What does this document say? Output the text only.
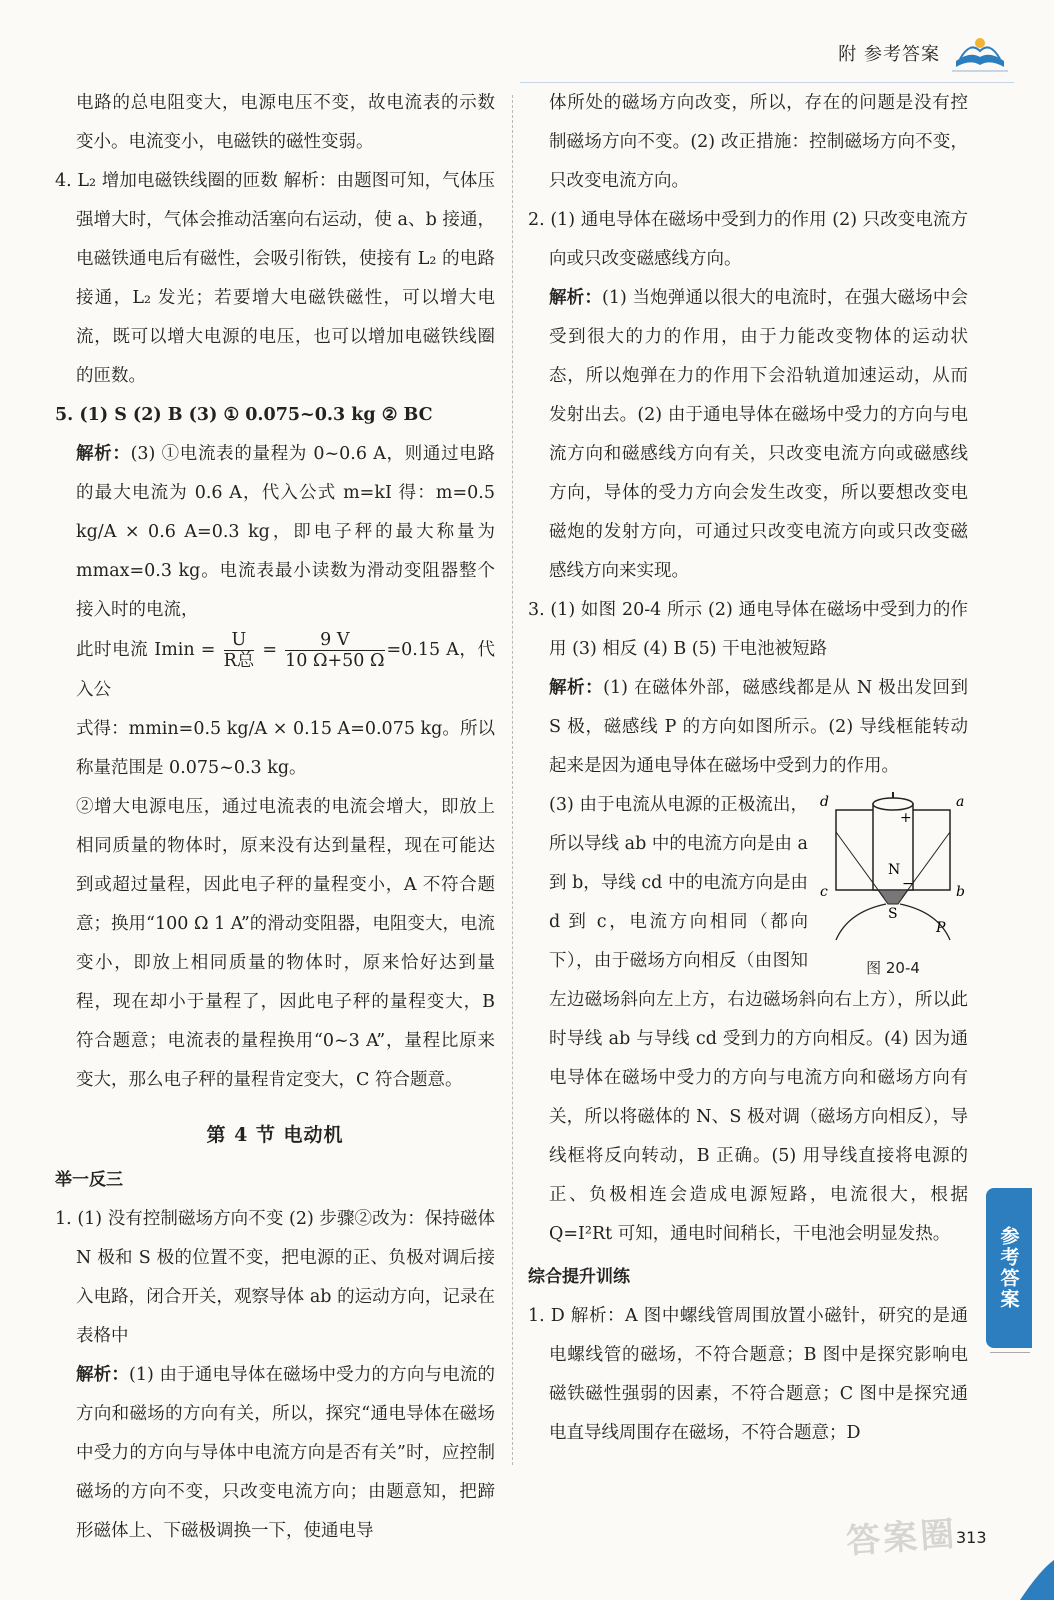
附 参考答案

电路的总电阻变大，电源电压不变，故电流表的示数变小。电流变小，电磁铁的磁性变弱。

4. L₂ 增加电磁铁线圈的匝数 解析：由题图可知，气体压强增大时，气体会推动活塞向右运动，使 a、b 接通，电磁铁通电后有磁性，会吸引衔铁，使接有 L₂ 的电路接通，L₂ 发光；若要增大电磁铁磁性，可以增大电流，既可以增大电源的电压，也可以增加电磁铁线圈的匝数。

5. (1) S (2) B (3) ① 0.075~0.3 kg ② BC

解析：(3) ①电流表的量程为 0~0.6 A，则通过电路的最大电流为 0.6 A，代入公式 m=kI 得：m=0.5 kg/A × 0.6 A=0.3 kg，即电子秤的最大称量为 mmax=0.3 kg。电流表最小读数为滑动变阻器整个接入时的电流，

此时电流 $Imin = \frac{U}{\text{R总}} = \frac{9 V}{10 \Omega+50 \Omega} =0.15$ A，代入公

式得：mmin=0.5 kg/A × 0.15 A=0.075 kg。所以称量范围是 0.075~0.3 kg。

②增大电源电压，通过电流表的电流会增大，即放上相同质量的物体时，原来没有达到量程，现在可能达到或超过量程，因此电子秤的量程变小，A 不符合题意；换用“100 Ω 1 A”的滑动变阻器，电阻变大，电流变小，即放上相同质量的物体时，原来恰好达到量程，现在却小于量程了，因此电子秤的量程变大，B 符合题意；电流表的量程换用“0~3 A”，量程比原来变大，那么电子秤的量程肯定变大，C 符合题意。

第 4 节 电动机

举一反三

1. (1) 没有控制磁场方向不变 (2) 步骤②改为：保持磁体 N 极和 S 极的位置不变，把电源的正、负极对调后接入电路，闭合开关，观察导体 ab 的运动方向，记录在表格中

解析：(1) 由于通电导体在磁场中受力的方向与电流的方向和磁场的方向有关，所以，探究“通电导体在磁场中受力的方向与导体中电流方向是否有关”时，应控制磁场的方向不变，只改变电流方向；由题意知，把蹄形磁体上、下磁极调换一下，使通电导

体所处的磁场方向改变，所以，存在的问题是没有控制磁场方向不变。(2) 改正措施：控制磁场方向不变，只改变电流方向。

2. (1) 通电导体在磁场中受到力的作用 (2) 只改变电流方向或只改变磁感线方向。

解析：(1) 当炮弹通以很大的电流时，在强大磁场中会受到很大的力的作用，由于力能改变物体的运动状态，所以炮弹在力的作用下会沿轨道加速运动，从而发射出去。(2) 由于通电导体在磁场中受力的方向与电流方向和磁感线方向有关，只改变电流方向或磁感线方向，导体的受力方向会发生改变，所以要想改变电磁炮的发射方向，可通过只改变电流方向或只改变磁感线方向来实现。

3. (1) 如图 20-4 所示 (2) 通电导体在磁场中受到力的作用 (3) 相反 (4) B (5) 干电池被短路

解析：(1) 在磁体外部，磁感线都是从 N 极出发回到 S 极，磁感线 P 的方向如图所示。(2) 导线框能转动起来是因为通电导体在磁场中受到力的作用。

d	a
c	b
N
S
P
+
−
图 20-4
(3) 由于电流从电源的正极流出，所以导线 ab 中的电流方向是由 a 到 b，导线 cd 中的电流方向是由 d 到 c，电流方向相同（都向下），由于磁场方向相反（由图知左边磁场斜向左上方，右边磁场斜向右上方），所以此时导线 ab 与导线 cd 受到力的方向相反。(4) 因为通电导体在磁场中受力的方向与电流方向和磁场方向有关，所以将磁体的 N、S 极对调（磁场方向相反），导线框将反向转动，B 正确。(5) 用导线直接将电源的正、负极相连会造成电源短路，电流很大，根据 Q=I²Rt 可知，通电时间稍长，干电池会明显发热。

综合提升训练

1. D 解析：A 图中螺线管周围放置小磁针，研究的是通电螺线管的磁场，不符合题意；B 图中是探究影响电磁铁磁性强弱的因素，不符合题意；C 图中是探究通电直导线周围存在磁场，不符合题意；D

参考答案
答案圈
313
